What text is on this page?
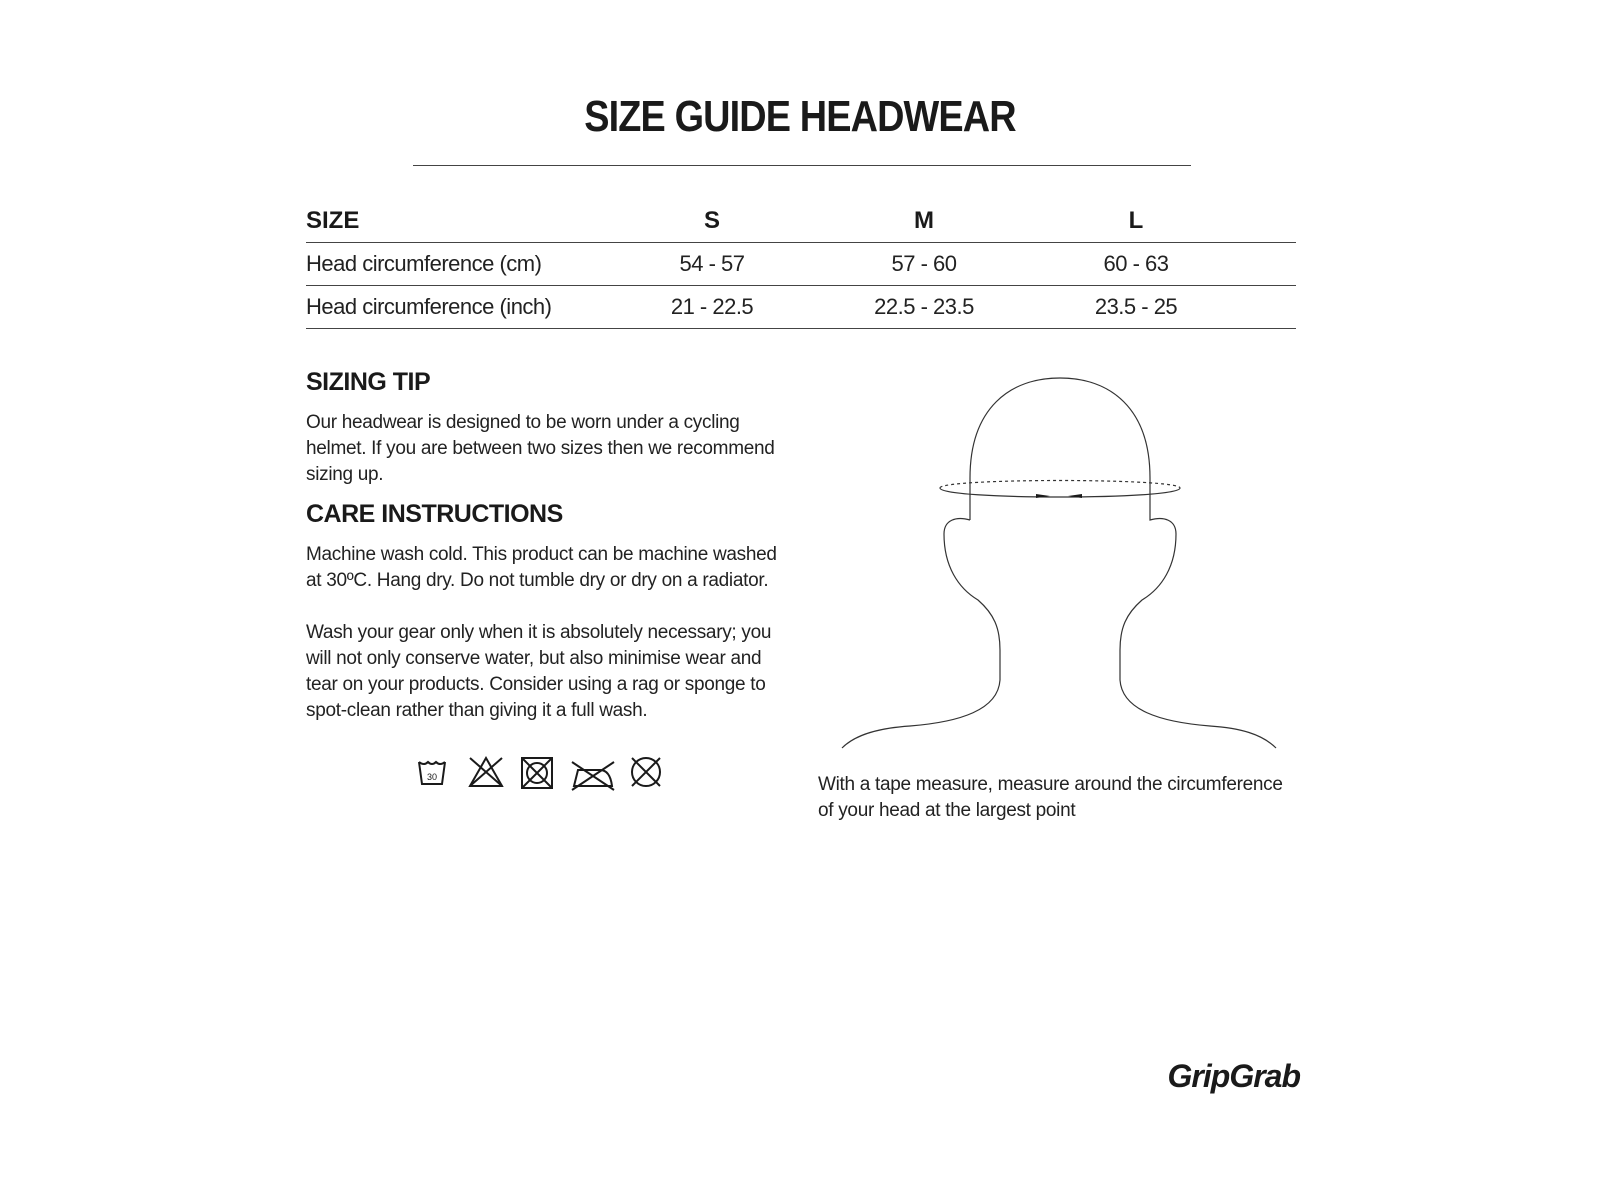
SIZE GUIDE HEADWEAR
SIZE	S	M	L	
Head circumference (cm)	54 - 57	57 - 60	60 - 63	
Head circumference (inch)	21 - 22.5	22.5 - 23.5	23.5 - 25	
SIZING TIP

Our headwear is designed to be worn under a cycling helmet. If you are between two sizes then we recommend sizing up.

CARE INSTRUCTIONS

Machine wash cold. This product can be machine washed at 30ºC. Hang dry. Do not tumble dry or dry on a radiator.

Wash your gear only when it is absolutely necessary; you will not only conserve water, but also minimise wear and tear on your products. Consider using a rag or sponge to spot-clean rather than giving it a full wash.

30	With a tape measure, measure around the circumference of your head at the largest point

GripGrab
